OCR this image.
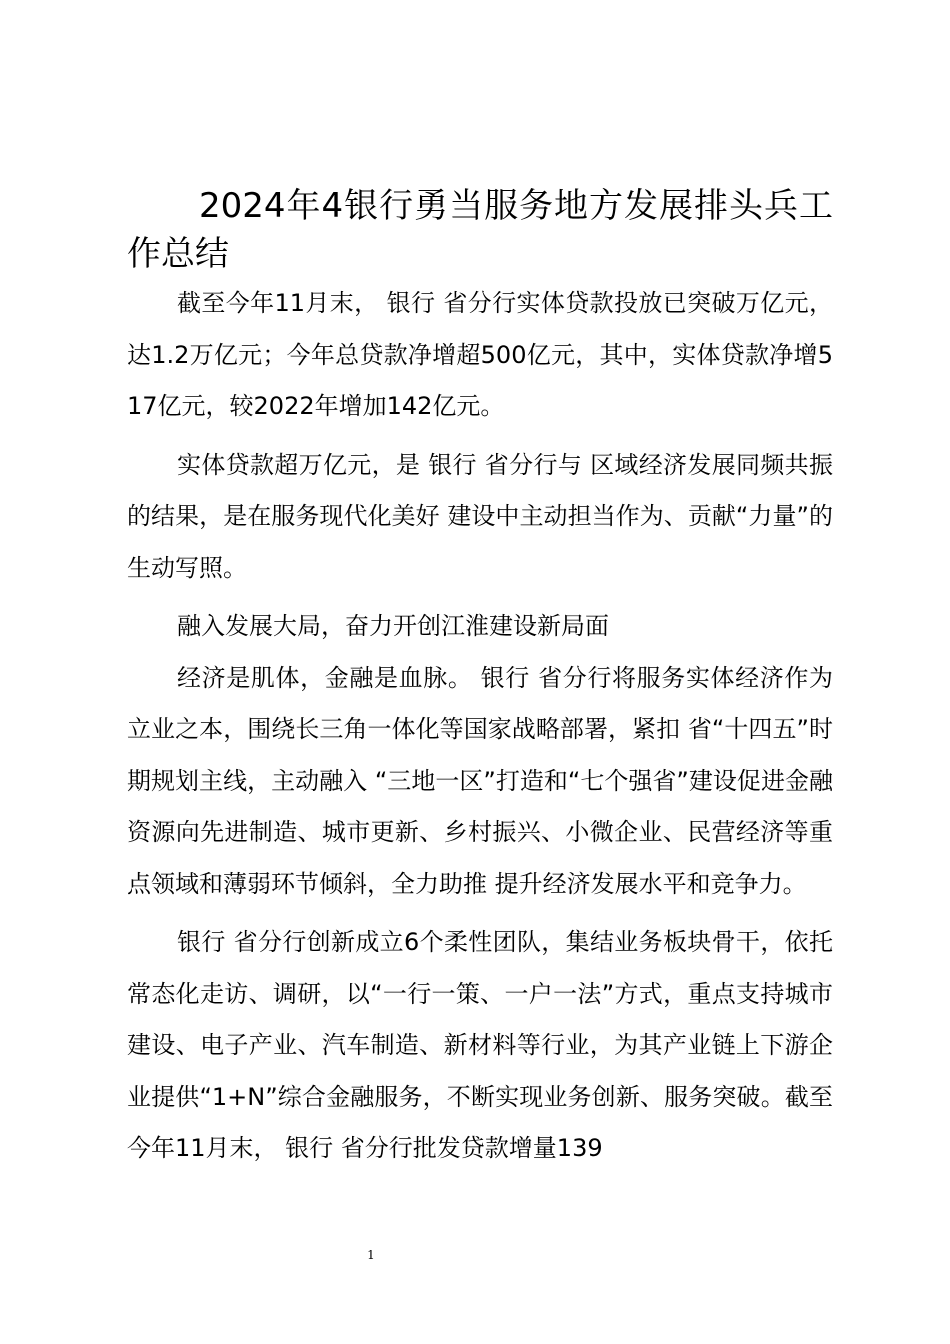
2024年4银行勇当服务地方发展排头兵工作总结

截至今年11月末， 银行 省分行实体贷款投放已突破万亿元，达1.2万亿元；今年总贷款净增超500亿元，其中，实体贷款净增517亿元，较2022年增加142亿元。

实体贷款超万亿元，是 银行 省分行与 区域经济发展同频共振的结果，是在服务现代化美好 建设中主动担当作为、贡献“力量”的生动写照。

融入发展大局，奋力开创江淮建设新局面

经济是肌体，金融是血脉。 银行 省分行将服务实体经济作为立业之本，围绕长三角一体化等国家战略部署，紧扣 省“十四五”时期规划主线，主动融入 “三地一区”打造和“七个强省”建设促进金融资源向先进制造、城市更新、乡村振兴、小微企业、民营经济等重点领域和薄弱环节倾斜，全力助推 提升经济发展水平和竞争力。

银行 省分行创新成立6个柔性团队，集结业务板块骨干，依托常态化走访、调研，以“一行一策、一户一法”方式，重点支持城市建设、电子产业、汽车制造、新材料等行业，为其产业链上下游企业提供“1+N”综合金融服务，不断实现业务创新、服务突破。截至今年11月末， 银行 省分行批发贷款增量139

1
